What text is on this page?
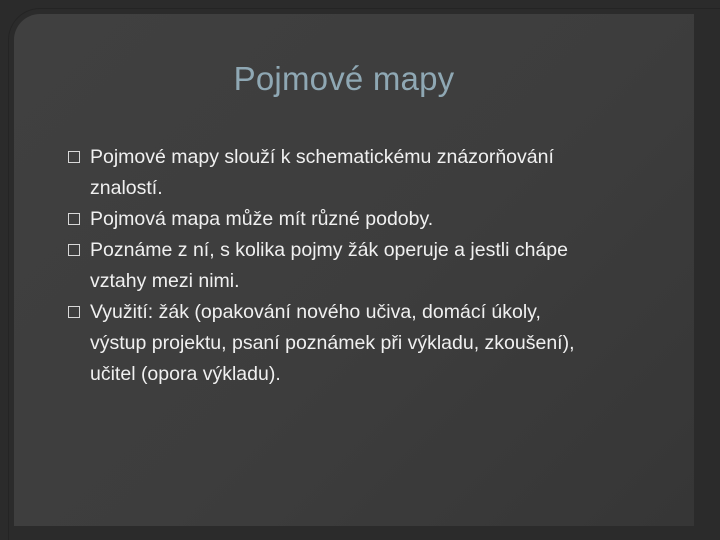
Pojmové mapy
Pojmové mapy slouží k schematickému znázorňování znalostí.
Pojmová mapa může mít různé podoby.
Poznáme z ní, s kolika pojmy žák operuje a jestli chápe vztahy mezi nimi.
Využití: žák (opakování nového učiva, domácí úkoly, výstup projektu, psaní poznámek při výkladu, zkoušení), učitel (opora výkladu).
